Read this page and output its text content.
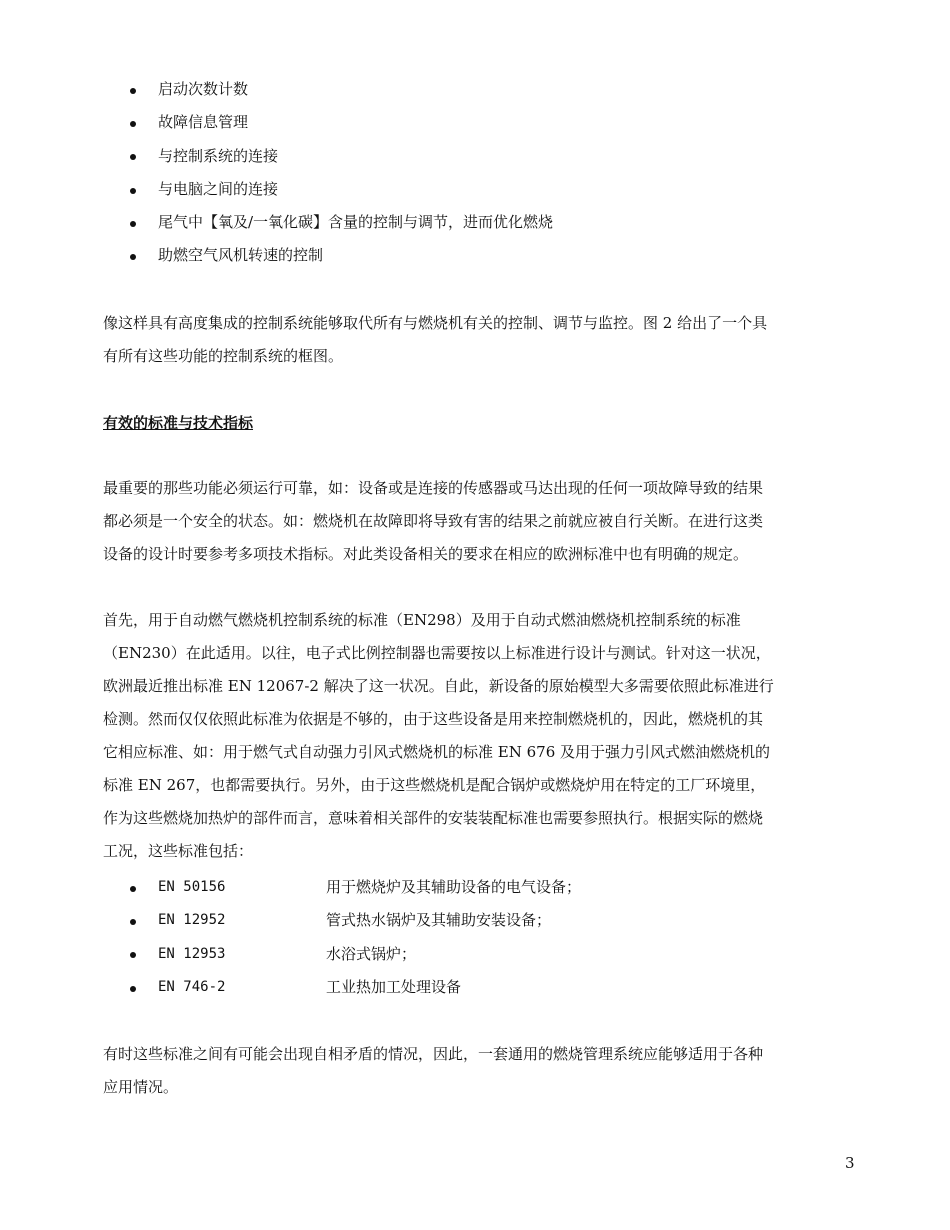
启动次数计数
故障信息管理
与控制系统的连接
与电脑之间的连接
尾气中【氧及/一氧化碳】含量的控制与调节，进而优化燃烧
助燃空气风机转速的控制

像这样具有高度集成的控制系统能够取代所有与燃烧机有关的控制、调节与监控。图 2 给出了一个具
有所有这些功能的控制系统的框图。

有效的标准与技术指标

最重要的那些功能必须运行可靠，如：设备或是连接的传感器或马达出现的任何一项故障导致的结果
都必须是一个安全的状态。如：燃烧机在故障即将导致有害的结果之前就应被自行关断。在进行这类
设备的设计时要参考多项技术指标。对此类设备相关的要求在相应的欧洲标准中也有明确的规定。

首先，用于自动燃气燃烧机控制系统的标准（EN298）及用于自动式燃油燃烧机控制系统的标准
（EN230）在此适用。以往，电子式比例控制器也需要按以上标准进行设计与测试。针对这一状况，
欧洲最近推出标准 EN 12067-2 解决了这一状况。自此，新设备的原始模型大多需要依照此标准进行
检测。然而仅仅依照此标准为依据是不够的，由于这些设备是用来控制燃烧机的，因此，燃烧机的其
它相应标准、如：用于燃气式自动强力引风式燃烧机的标准 EN 676 及用于强力引风式燃油燃烧机的
标准 EN 267，也都需要执行。另外，由于这些燃烧机是配合锅炉或燃烧炉用在特定的工厂环境里，
作为这些燃烧加热炉的部件而言，意味着相关部件的安装装配标准也需要参照执行。根据实际的燃烧
工况，这些标准包括：

EN 50156	用于燃烧炉及其辅助设备的电气设备；
EN 12952	管式热水锅炉及其辅助安装设备；
EN 12953	水浴式锅炉；
EN 746-2	工业热加工处理设备

有时这些标准之间有可能会出现自相矛盾的情况，因此，一套通用的燃烧管理系统应能够适用于各种
应用情况。

3
